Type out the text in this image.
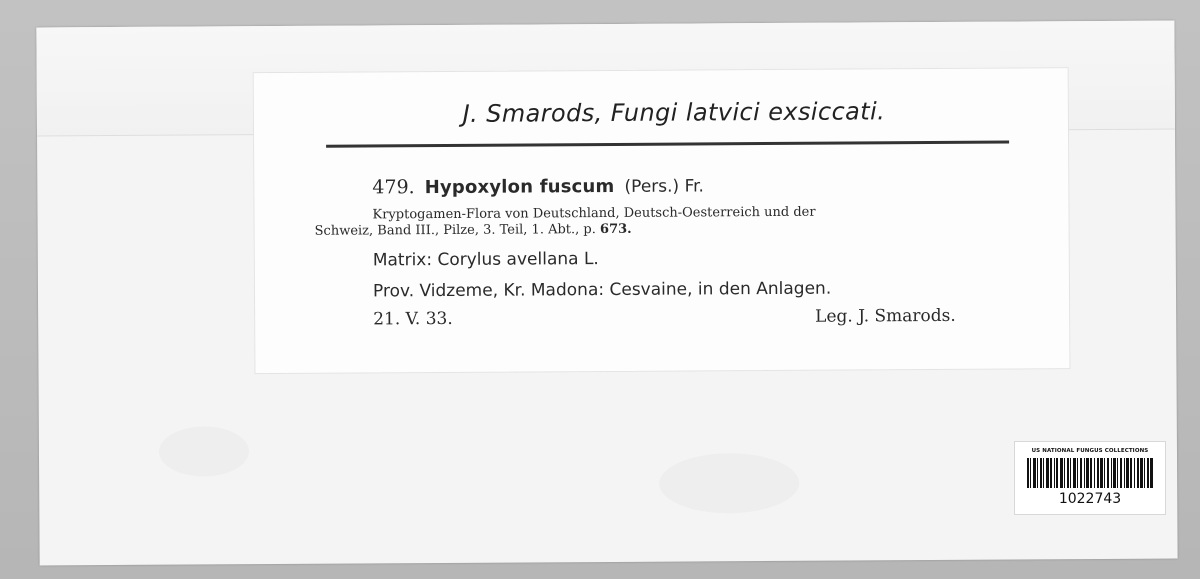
J. Smarods, Fungi latvici exsiccati.
479. Hypoxylon fuscum (Pers.) Fr.
Kryptogamen-Flora von Deutschland, Deutsch-Oesterreich und der
Schweiz, Band III., Pilze, 3. Teil, 1. Abt., p. 673.
Matrix: Corylus avellana L.
Prov. Vidzeme, Kr. Madona: Cesvaine, in den Anlagen.
21. V. 33.	Leg. J. Smarods.
US NATIONAL FUNGUS COLLECTIONS
1022743
